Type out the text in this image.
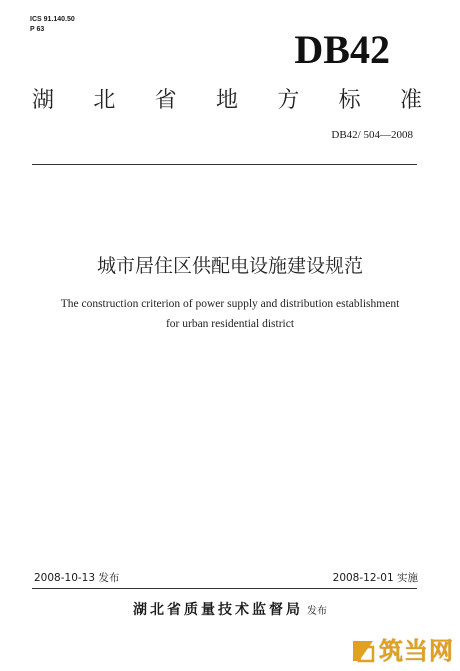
ICS 91.140.50
P 63	DB42
湖 北 省 地 方 标 准
DB42/ 504—2008
城市居住区供配电设施建设规范
The construction criterion of power supply and distribution establishment
for urban residential district
2008-10-13 发布	2008-12-01 实施
湖北省质量技术监督局 发布
筑当网
